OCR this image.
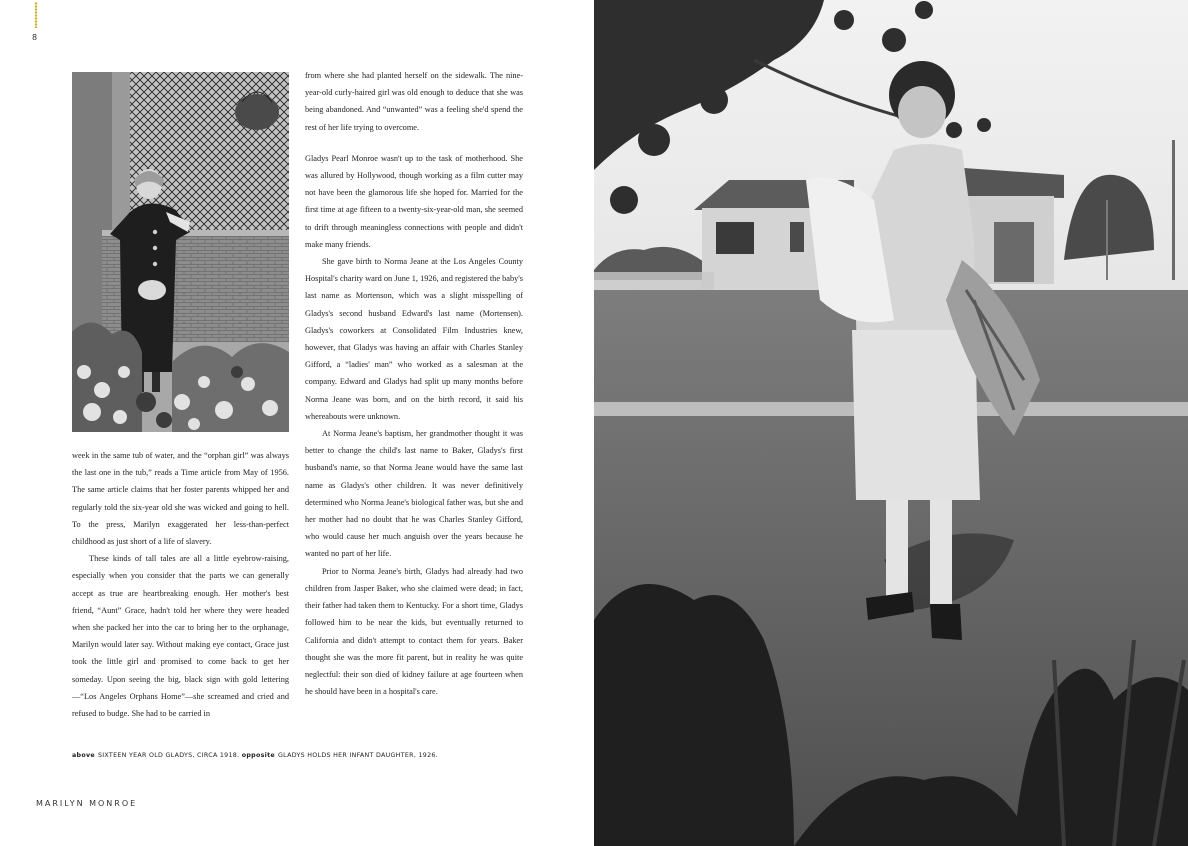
8

week in the same tub of water, and the “orphan girl” was always the last one in the tub,” reads a Time article from May of 1956. The same article claims that her foster parents whipped her and regularly told the six-year old she was wicked and going to hell. To the press, Marilyn exaggerated her less-than-perfect childhood as just short of a life of slavery.

These kinds of tall tales are all a little eyebrow-raising, especially when you consider that the parts we can generally accept as true are heartbreaking enough. Her mother's best friend, “Aunt” Grace, hadn't told her where they were headed when she packed her into the car to bring her to the orphanage, Marilyn would later say. Without making eye contact, Grace just took the little girl and promised to come back to get her someday. Upon seeing the big, black sign with gold lettering—“Los Angeles Orphans Home”—she screamed and cried and refused to budge. She had to be carried in

from where she had planted herself on the sidewalk. The nine-year-old curly-haired girl was old enough to deduce that she was being abandoned. And “unwanted” was a feeling she'd spend the rest of her life trying to overcome.

Gladys Pearl Monroe wasn't up to the task of motherhood. She was allured by Hollywood, though working as a film cutter may not have been the glamorous life she hoped for. Married for the first time at age fifteen to a twenty-six-year-old man, she seemed to drift through meaningless connections with people and didn't make many friends.

She gave birth to Norma Jeane at the Los Angeles County Hospital's charity ward on June 1, 1926, and registered the baby's last name as Mortenson, which was a slight misspelling of Gladys's second husband Edward's last name (Mortensen). Gladys's coworkers at Consolidated Film Industries knew, however, that Gladys was having an affair with Charles Stanley Gifford, a “ladies' man” who worked as a salesman at the company. Edward and Gladys had split up many months before Norma Jeane was born, and on the birth record, it said his whereabouts were unknown.

At Norma Jeane's baptism, her grandmother thought it was better to change the child's last name to Baker, Gladys's first husband's name, so that Norma Jeane would have the same last name as Gladys's other children. It was never definitively determined who Norma Jeane's biological father was, but she and her mother had no doubt that he was Charles Stanley Gifford, who would cause her much anguish over the years because he wanted no part of her life.

Prior to Norma Jeane's birth, Gladys had already had two children from Jasper Baker, who she claimed were dead; in fact, their father had taken them to Kentucky. For a short time, Gladys followed him to be near the kids, but eventually returned to California and didn't attempt to contact them for years. Baker thought she was the more fit parent, but in reality he was quite neglectful: their son died of kidney failure at age fourteen when he should have been in a hospital's care.

above SIXTEEN YEAR OLD GLADYS, CIRCA 1918. opposite GLADYS HOLDS HER INFANT DAUGHTER, 1926.
MARILYN MONROE
